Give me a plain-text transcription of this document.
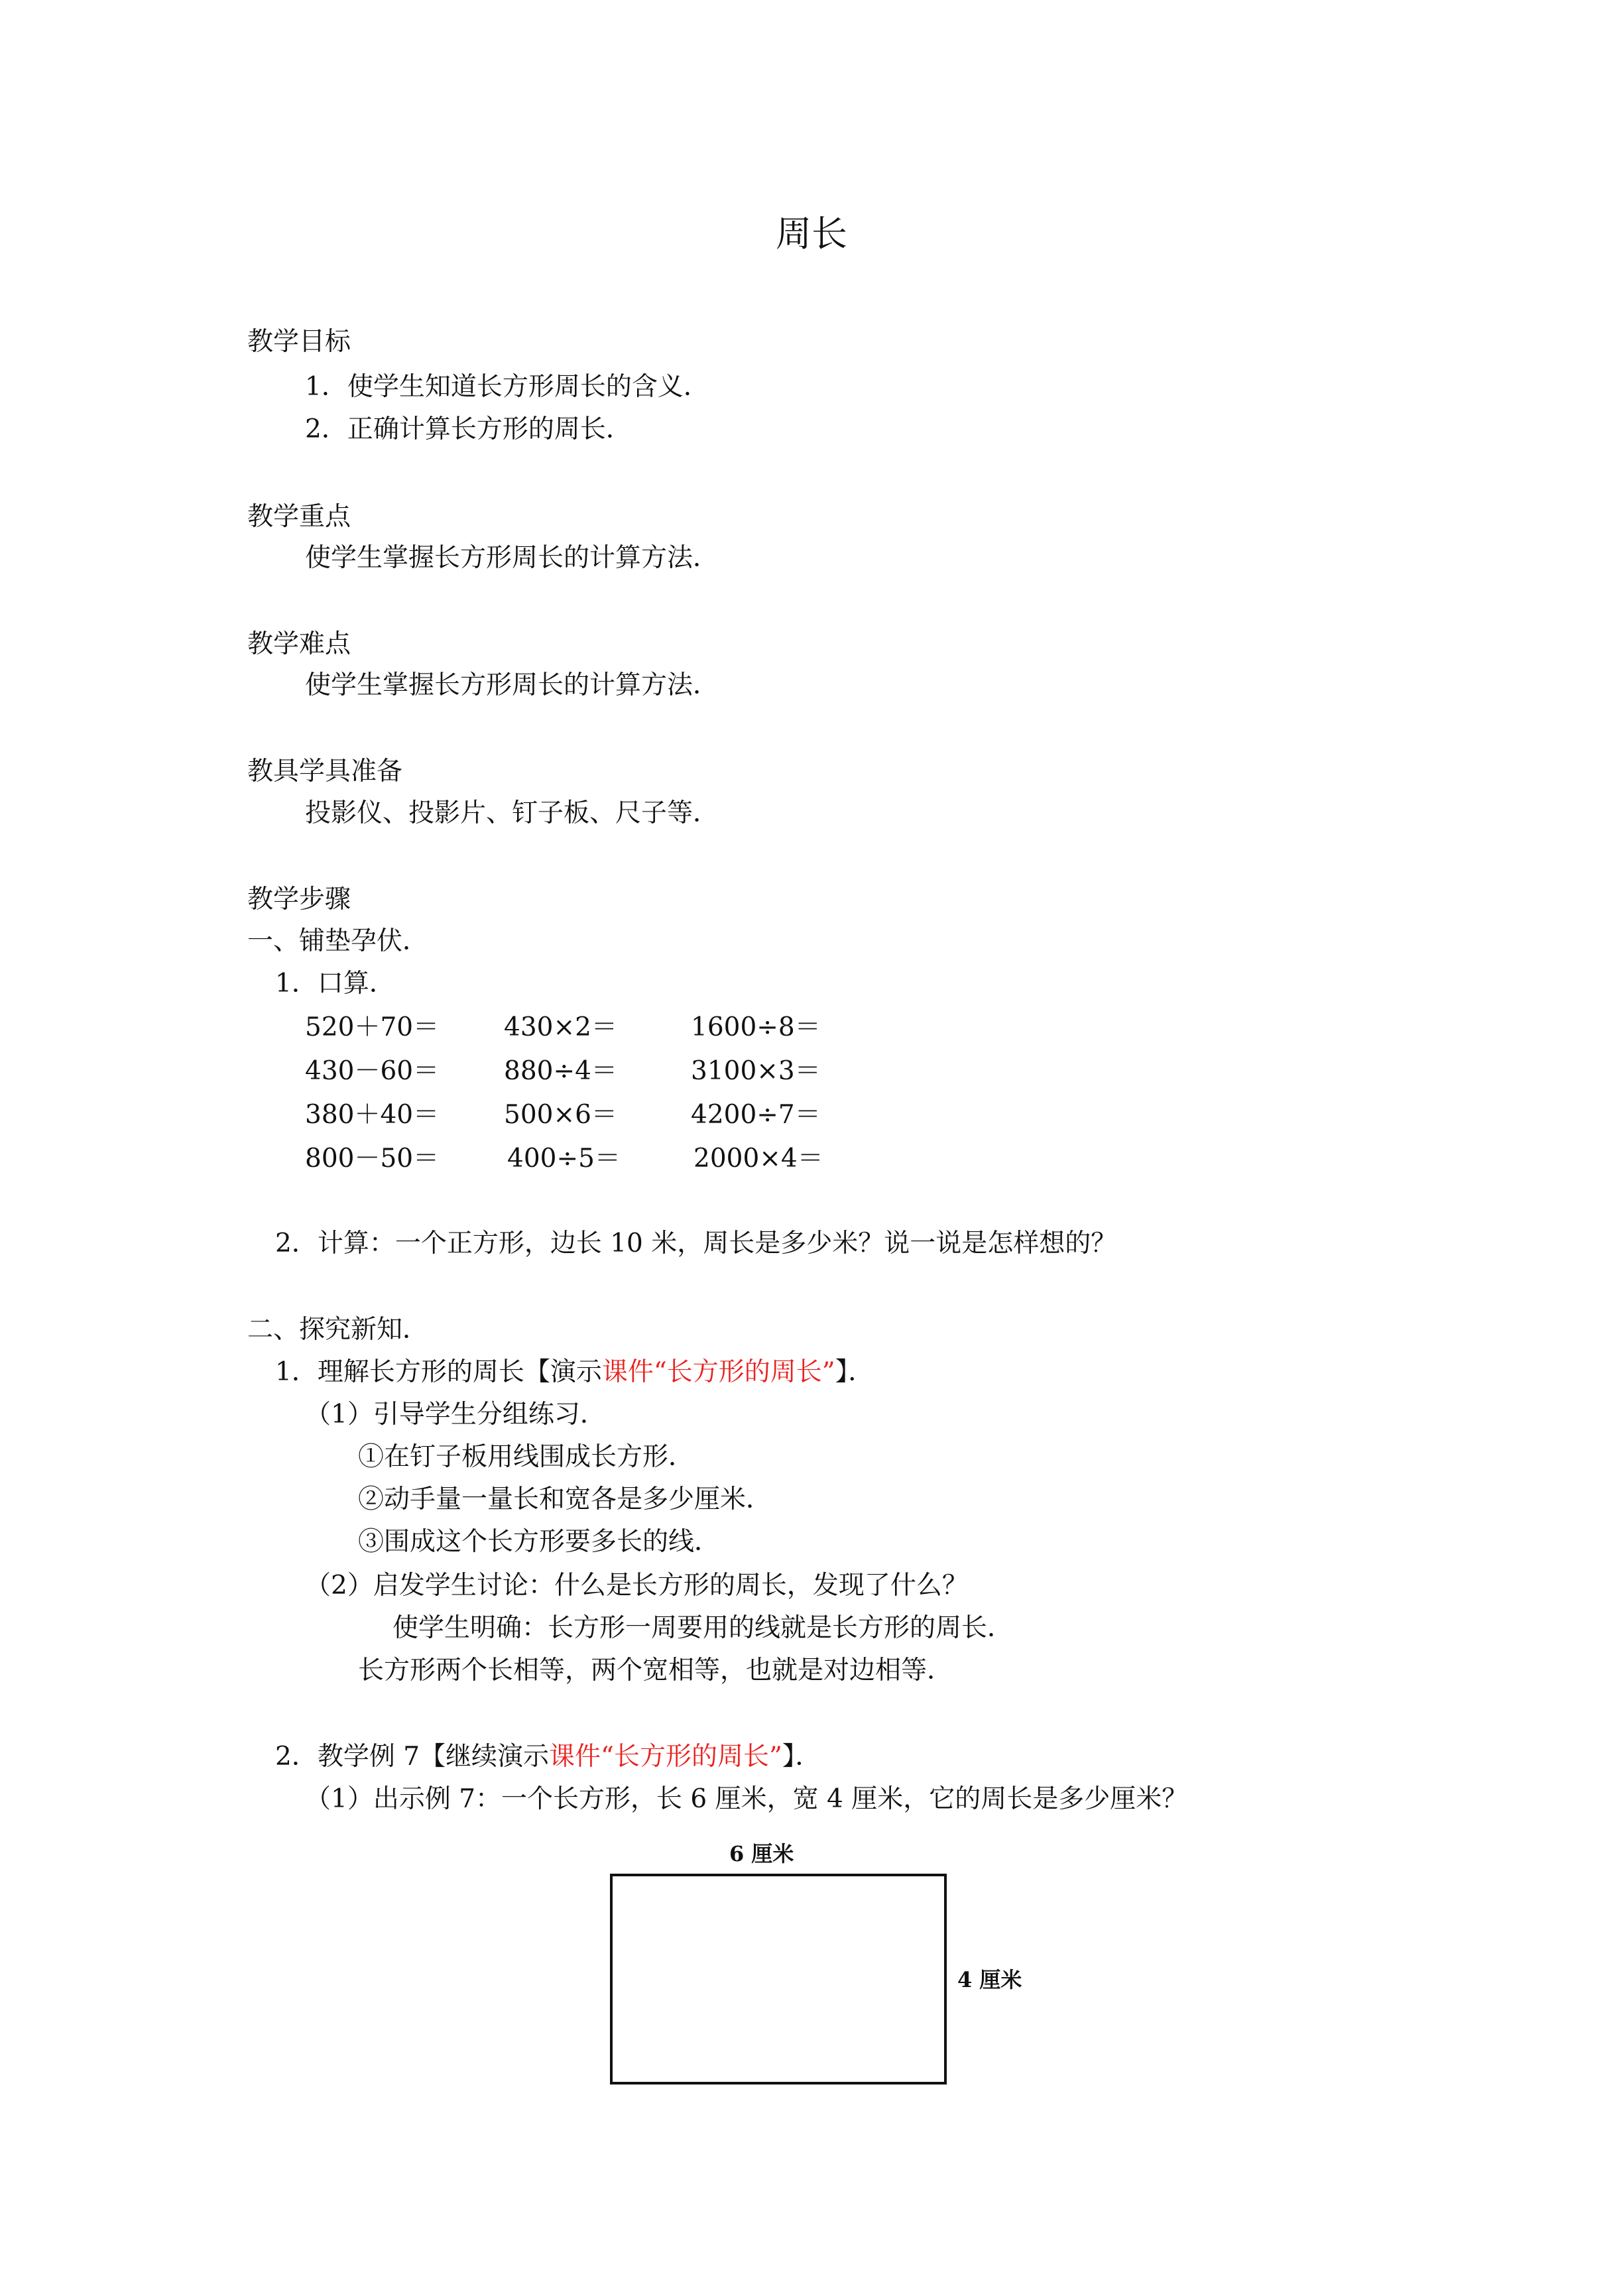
周长
教学目标
1．使学生知道长方形周长的含义．
2．正确计算长方形的周长．
教学重点
使学生掌握长方形周长的计算方法．
教学难点
使学生掌握长方形周长的计算方法．
教具学具准备
投影仪、投影片、钉子板、尺子等．
教学步骤
一、铺垫孕伏．
1．口算．
520＋70＝	430×2＝	1600÷8＝
430－60＝	880÷4＝	3100×3＝
380＋40＝	500×6＝	4200÷7＝
800－50＝	400÷5＝	2000×4＝
2．计算：一个正方形，边长 10 米，周长是多少米？说一说是怎样想的？
二、探究新知．
1．理解长方形的周长【演示课件“长方形的周长”】．
（1）引导学生分组练习．
①在钉子板用线围成长方形．
②动手量一量长和宽各是多少厘米．
③围成这个长方形要多长的线．
（2）启发学生讨论：什么是长方形的周长，发现了什么？
使学生明确：长方形一周要用的线就是长方形的周长．
长方形两个长相等，两个宽相等，也就是对边相等．
2．教学例 7【继续演示课件“长方形的周长”】．
（1）出示例 7：一个长方形，长 6 厘米，宽 4 厘米，它的周长是多少厘米？
6 厘米
4 厘米
